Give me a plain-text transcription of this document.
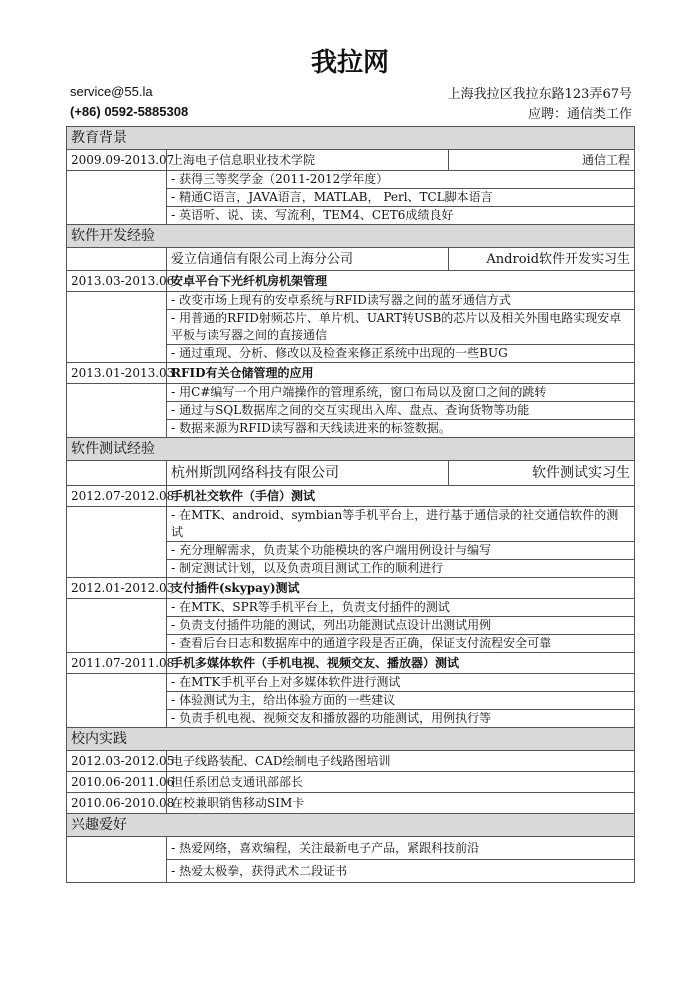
我拉网
service@55.la
(+86) 0592-5885308
上海我拉区我拉东路123弄67号
应聘：通信类工作
教育背景		
2009.09-2013.07	上海电子信息职业技术学院	通信工程
	- 获得三等奖学金（2011-2012学年度）	
	- 精通C语言，JAVA语言，MATLAB， Perl、TCL脚本语言	
	- 英语听、说、读、写流利，TEM4、CET6成绩良好	
软件开发经验		
	爱立信通信有限公司上海分公司	Android软件开发实习生
2013.03-2013.06	安卓平台下光纤机房机架管理	
	- 改变市场上现有的安卓系统与RFID读写器之间的蓝牙通信方式	
	- 用普通的RFID射频芯片、单片机、UART转USB的芯片以及相关外围电路实现安卓平板与读写器之间的直接通信	
	- 通过重现、分析、修改以及检查来修正系统中出现的一些BUG	
2013.01-2013.03	RFID有关仓储管理的应用	
	- 用C#编写一个用户端操作的管理系统，窗口布局以及窗口之间的跳转	
	- 通过与SQL数据库之间的交互实现出入库、盘点、查询货物等功能	
	- 数据来源为RFID读写器和天线读进来的标签数据。	
软件测试经验		
	杭州斯凯网络科技有限公司	软件测试实习生
2012.07-2012.08	手机社交软件（手信）测试	
	- 在MTK、android、symbian等手机平台上，进行基于通信录的社交通信软件的测试	
	- 充分理解需求，负责某个功能模块的客户端用例设计与编写	
	- 制定测试计划，以及负责项目测试工作的顺利进行	
2012.01-2012.03	支付插件(skypay)测试	
	- 在MTK、SPR等手机平台上，负责支付插件的测试	
	- 负责支付插件功能的测试，列出功能测试点设计出测试用例	
	- 查看后台日志和数据库中的通道字段是否正确，保证支付流程安全可靠	
2011.07-2011.08	手机多媒体软件（手机电视、视频交友、播放器）测试	
	- 在MTK手机平台上对多媒体软件进行测试	
	- 体验测试为主，给出体验方面的一些建议	
	- 负责手机电视、视频交友和播放器的功能测试，用例执行等	
校内实践		
2012.03-2012.05	电子线路装配、CAD绘制电子线路图培训	
2010.06-2011.06	担任系团总支通讯部部长	
2010.06-2010.08	在校兼职销售移动SIM卡	
兴趣爱好		
	- 热爱网络，喜欢编程，关注最新电子产品，紧跟科技前沿	
	- 热爱太极拳，获得武术二段证书	
